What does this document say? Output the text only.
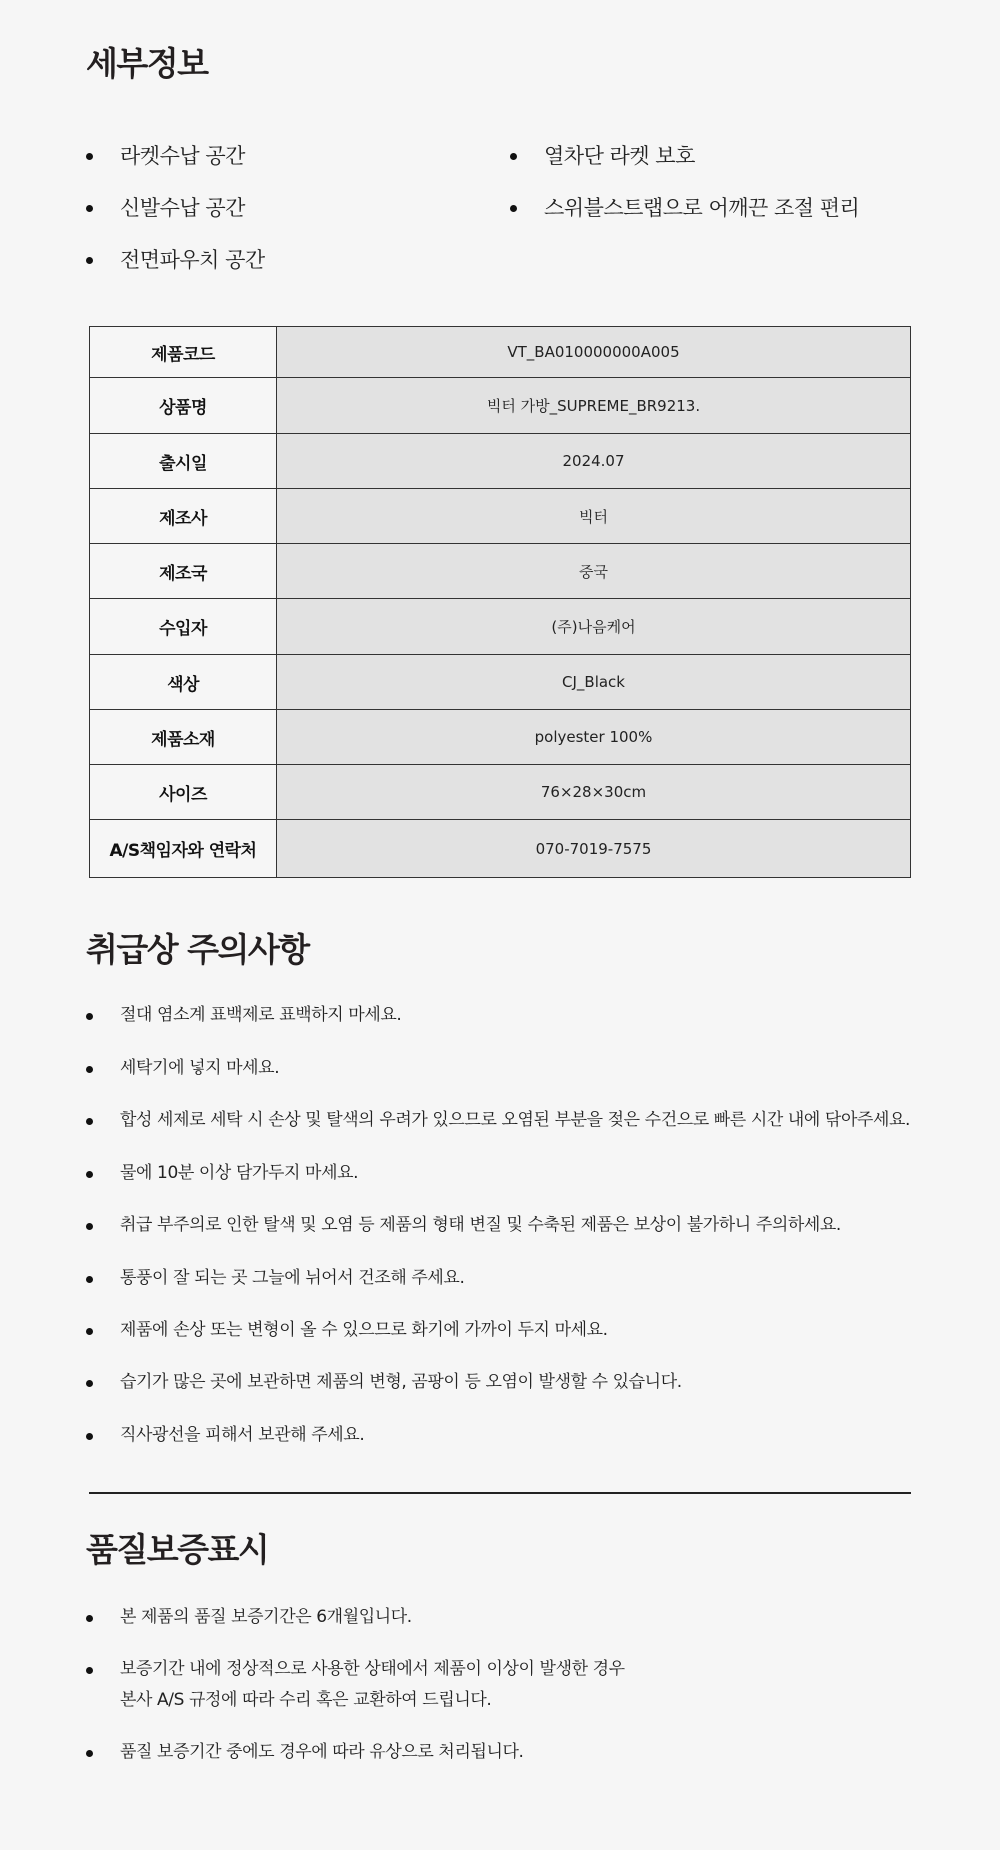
세부정보
라켓수납 공간
신발수납 공간
전면파우치 공간
열차단 라켓 보호
스위블스트랩으로 어깨끈 조절 편리
제품코드	VT_BA010000000A005
상품명	빅터 가방_SUPREME_BR9213.
출시일	2024.07
제조사	빅터
제조국	중국
수입자	(주)나음케어
색상	CJ_Black
제품소재	polyester 100%
사이즈	76×28×30cm
A/S책임자와 연락처	070-7019-7575
취급상 주의사항
절대 염소계 표백제로 표백하지 마세요.
세탁기에 넣지 마세요.
합성 세제로 세탁 시 손상 및 탈색의 우려가 있으므로 오염된 부분을 젖은 수건으로 빠른 시간 내에 닦아주세요.
물에 10분 이상 담가두지 마세요.
취급 부주의로 인한 탈색 및 오염 등 제품의 형태 변질 및 수축된 제품은 보상이 불가하니 주의하세요.
통풍이 잘 되는 곳 그늘에 뉘어서 건조해 주세요.
제품에 손상 또는 변형이 올 수 있으므로 화기에 가까이 두지 마세요.
습기가 많은 곳에 보관하면 제품의 변형, 곰팡이 등 오염이 발생할 수 있습니다.
직사광선을 피해서 보관해 주세요.
품질보증표시
본 제품의 품질 보증기간은 6개월입니다.
보증기간 내에 정상적으로 사용한 상태에서 제품이 이상이 발생한 경우
본사 A/S 규정에 따라 수리 혹은 교환하여 드립니다.
품질 보증기간 중에도 경우에 따라 유상으로 처리됩니다.
